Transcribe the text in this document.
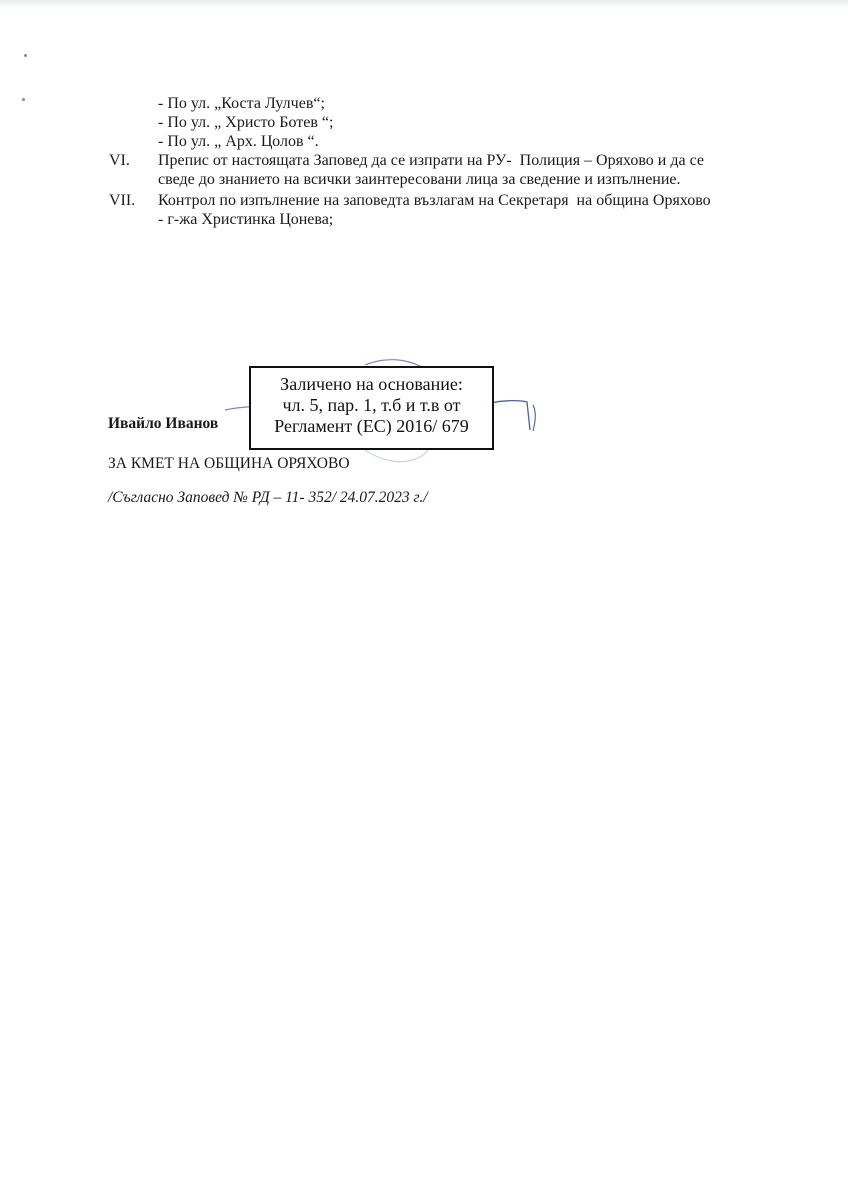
- По ул. „Коста Лулчев“;
- По ул. „ Христо Ботев “;
- По ул. „ Арх. Цолов “.
VI. Препис от настоящата Заповед да се изпрати на РУ-  Полиция – Оряхово и да се
сведе до знанието на всички заинтересовани лица за сведение и изпълнение.
VII. Контрол по изпълнение на заповедта възлагам на Секретаря  на община Оряхово
- г-жа Христинка Цонева;
Заличено на основание:
чл. 5, пар. 1, т.б и т.в от
Регламент (ЕС) 2016/ 679
Ивайло Иванов
ЗА КМЕТ НА ОБЩИНА ОРЯХОВО
/Съгласно Заповед № РД – 11- 352/ 24.07.2023 г./
